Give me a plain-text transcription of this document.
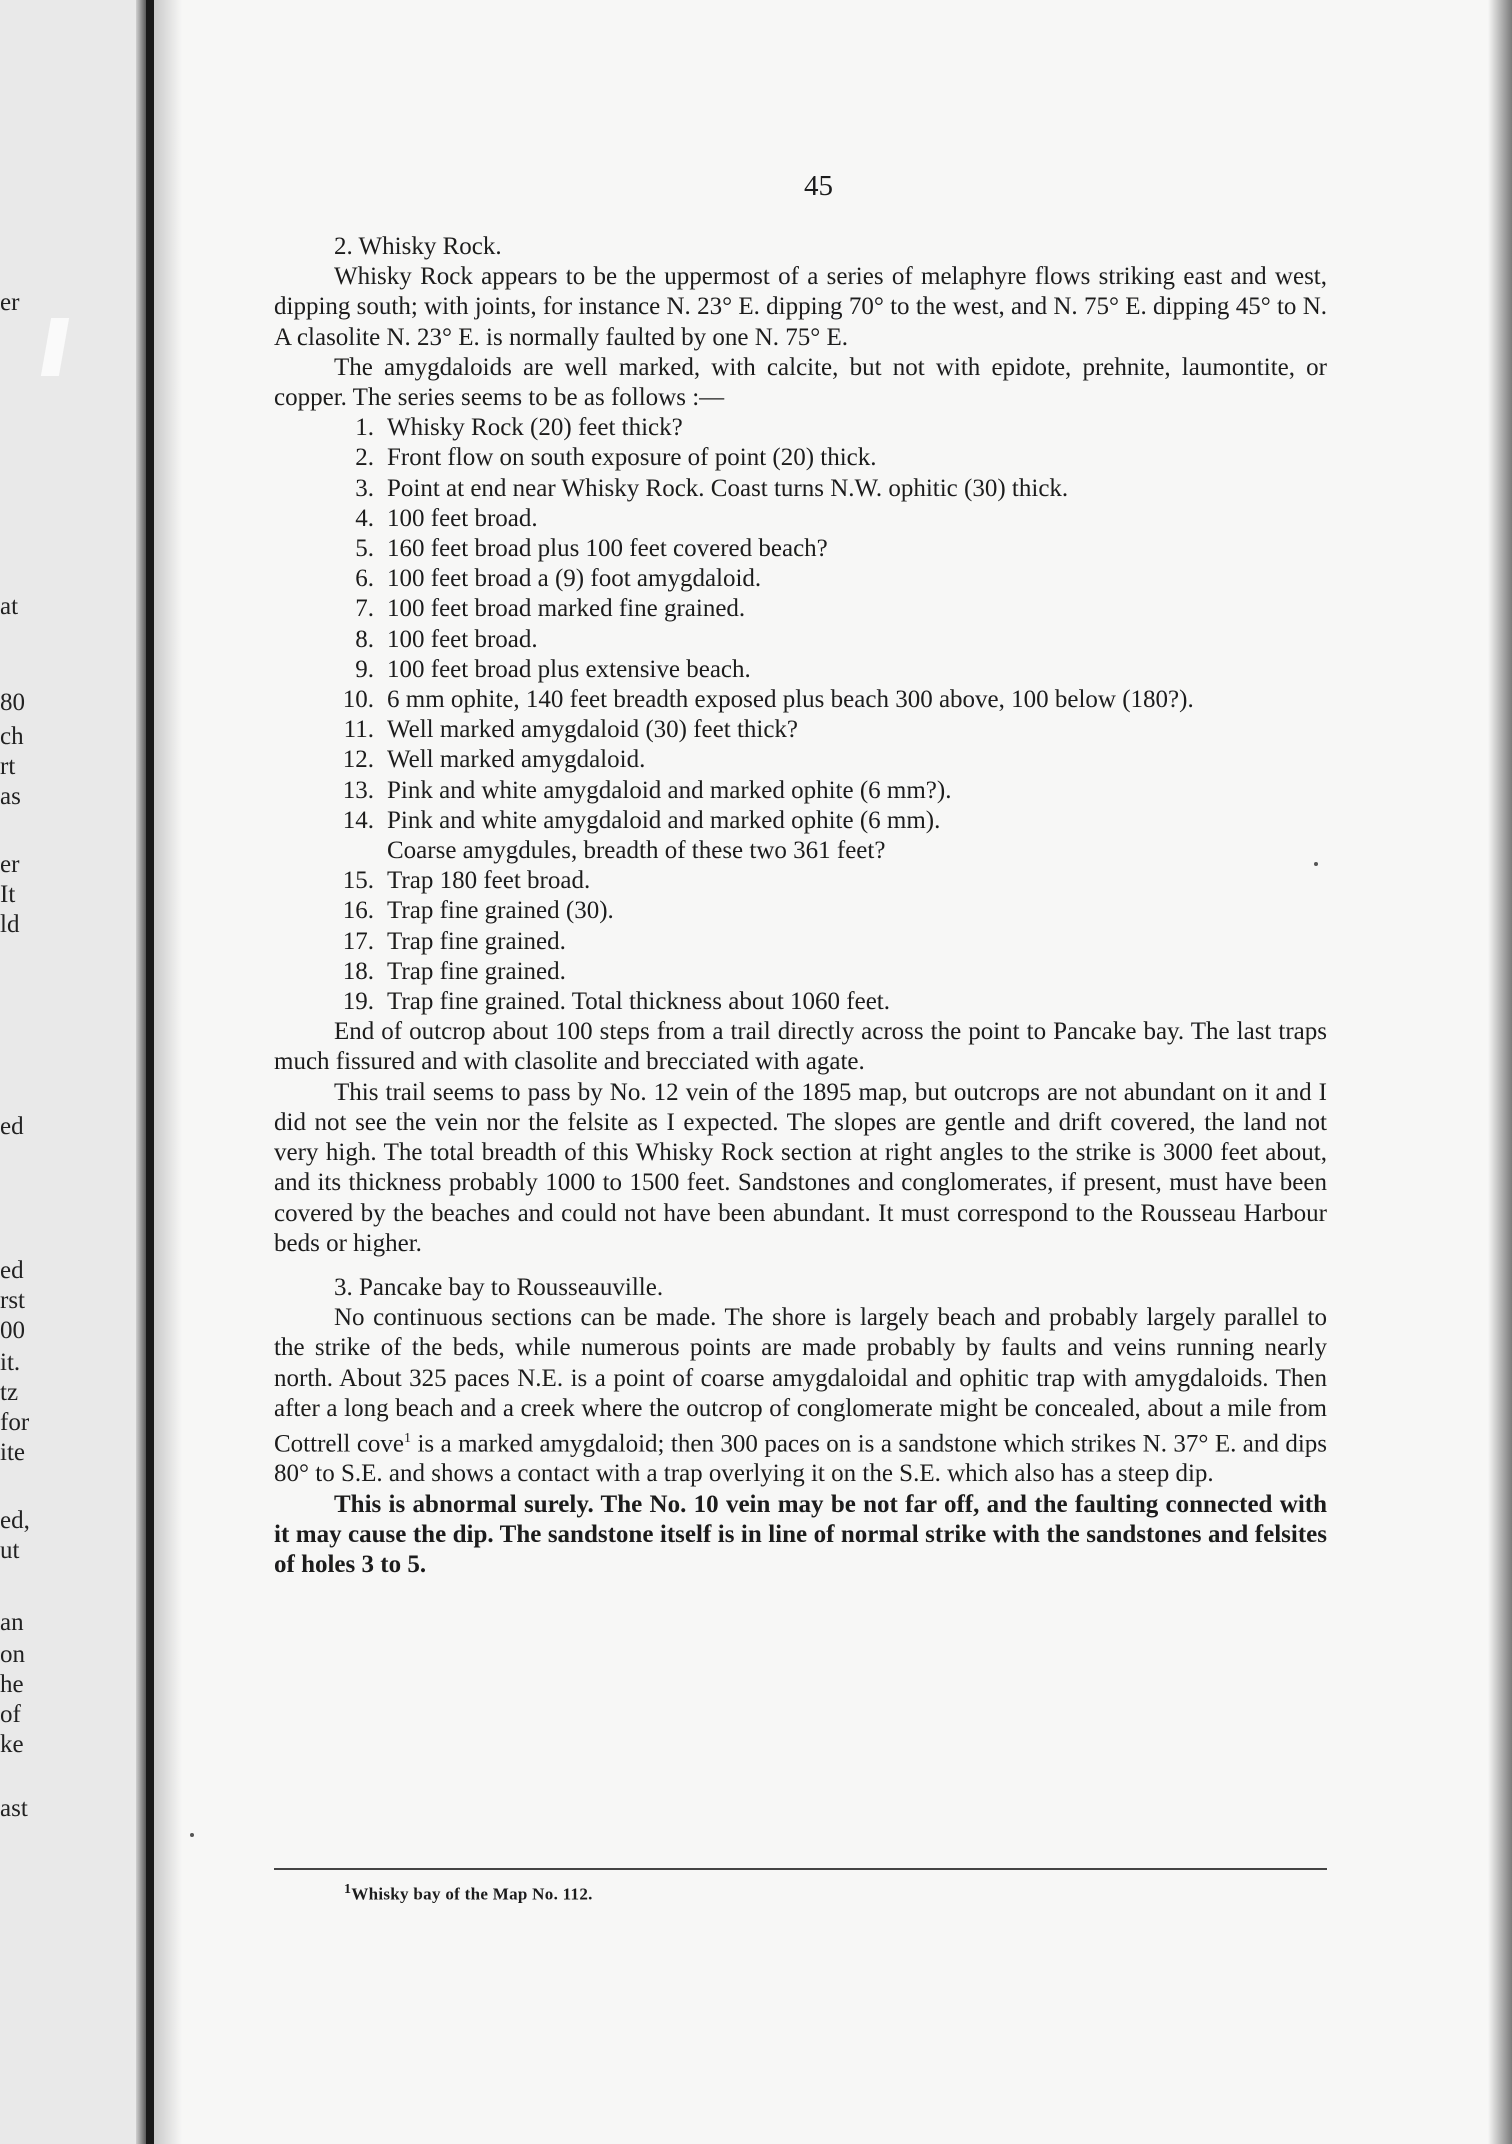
er
at
80
ch
rt
as
er
It
ld
ed
ed
rst
00
it.
tz
for
ite
ed,
ut
an
on
he
of
ke
ast
45

2. Whisky Rock.

Whisky Rock appears to be the uppermost of a series of melaphyre flows striking east and west, dipping south; with joints, for instance N. 23° E. dipping 70° to the west, and N. 75° E. dipping 45° to N. A clasolite N. 23° E. is normally faulted by one N. 75° E.

The amygdaloids are well marked, with calcite, but not with epidote, prehnite, laumontite, or copper. The series seems to be as follows :—

1. Whisky Rock (20) feet thick?
2. Front flow on south exposure of point (20) thick.
3. Point at end near Whisky Rock. Coast turns N.W. ophitic (30) thick.
4. 100 feet broad.
5. 160 feet broad plus 100 feet covered beach?
6. 100 feet broad a (9) foot amygdaloid.
7. 100 feet broad marked fine grained.
8. 100 feet broad.
9. 100 feet broad plus extensive beach.
10. 6 mm ophite, 140 feet breadth exposed plus beach 300 above, 100 below (180?).
11. Well marked amygdaloid (30) feet thick?
12. Well marked amygdaloid.
13. Pink and white amygdaloid and marked ophite (6 mm?).
14. Pink and white amygdaloid and marked ophite (6 mm).
Coarse amygdules, breadth of these two 361 feet?
15. Trap 180 feet broad.
16. Trap fine grained (30).
17. Trap fine grained.
18. Trap fine grained.
19. Trap fine grained. Total thickness about 1060 feet.

End of outcrop about 100 steps from a trail directly across the point to Pancake bay. The last traps much fissured and with clasolite and brecciated with agate.

This trail seems to pass by No. 12 vein of the 1895 map, but outcrops are not abundant on it and I did not see the vein nor the felsite as I expected. The slopes are gentle and drift covered, the land not very high. The total breadth of this Whisky Rock section at right angles to the strike is 3000 feet about, and its thickness probably 1000 to 1500 feet. Sandstones and conglomerates, if present, must have been covered by the beaches and could not have been abundant. It must correspond to the Rousseau Harbour beds or higher.

3. Pancake bay to Rousseauville.

No continuous sections can be made. The shore is largely beach and probably largely parallel to the strike of the beds, while numerous points are made probably by faults and veins running nearly north. About 325 paces N.E. is a point of coarse amygdaloidal and ophitic trap with amygdaloids. Then after a long beach and a creek where the outcrop of conglomerate might be concealed, about a mile from Cottrell cove$^1$ is a marked amygdaloid; then 300 paces on is a sandstone which strikes N. 37° E. and dips 80° to S.E. and shows a contact with a trap overlying it on the S.E. which also has a steep dip.

This is abnormal surely. The No. 10 vein may be not far off, and the faulting connected with it may cause the dip. The sandstone itself is in line of normal strike with the sandstones and felsites of holes 3 to 5.

$^1$Whisky bay of the Map No. 112.
